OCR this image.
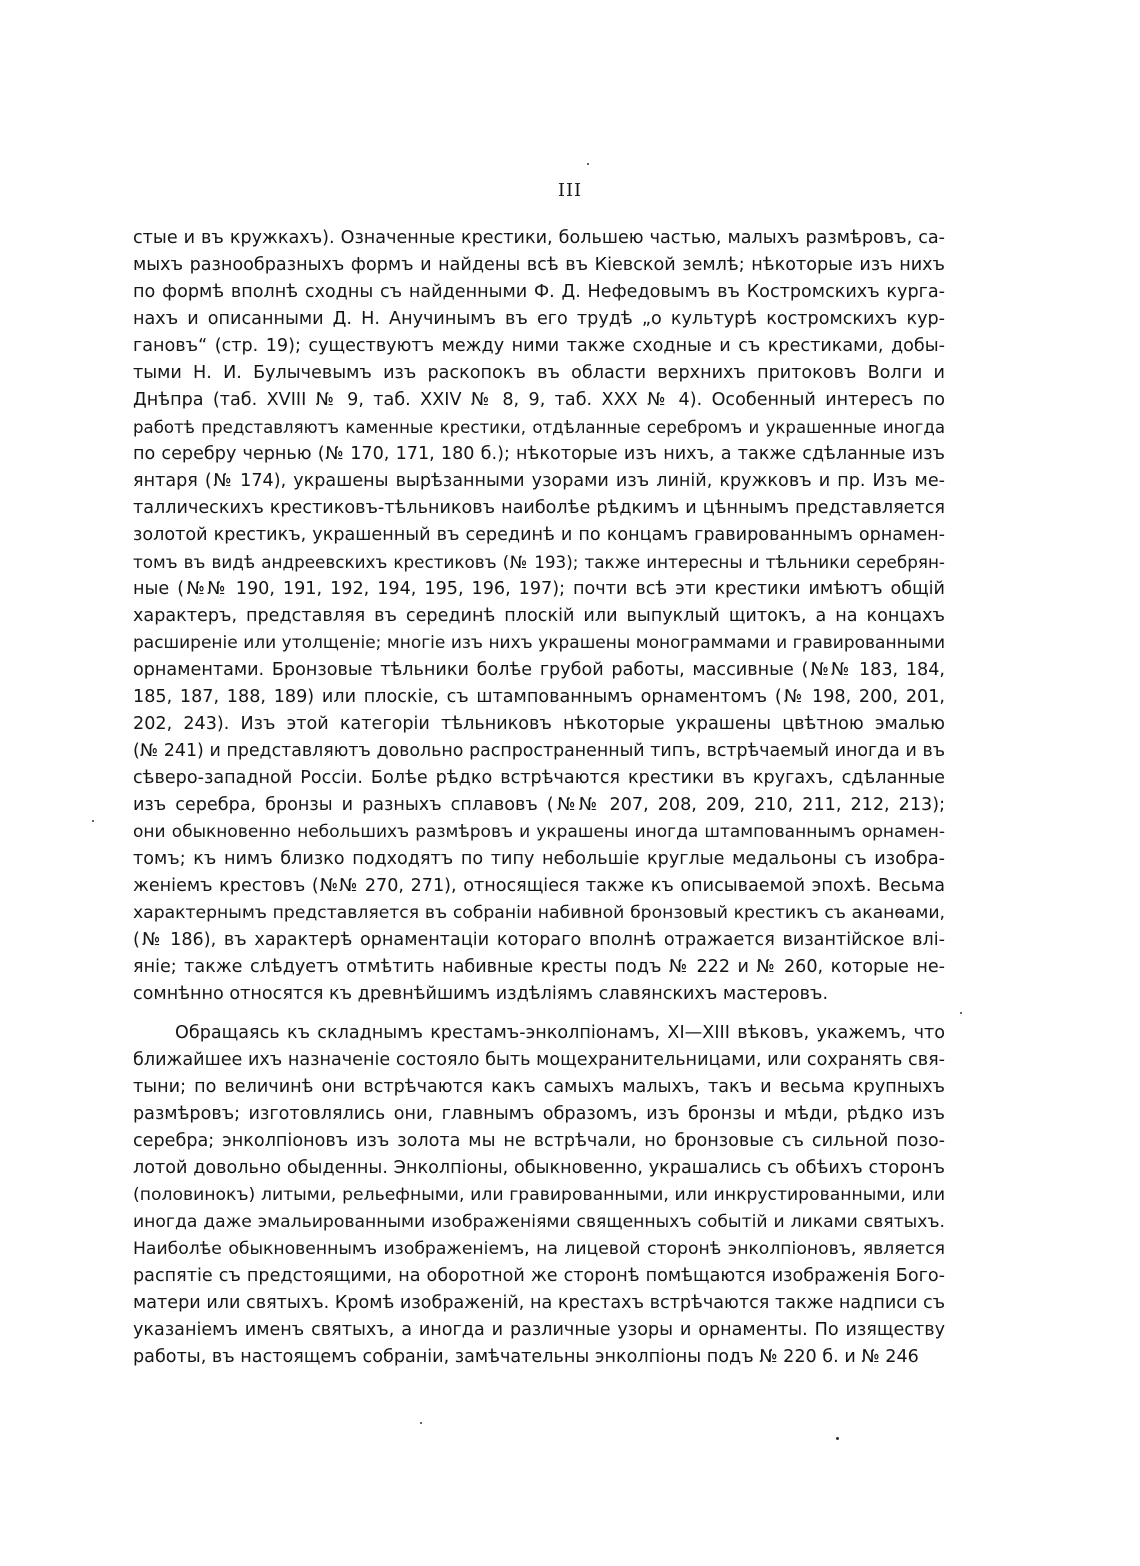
III
стые и въ кружкахъ). Означенные крестики, большею частью, малыхъ размѣровъ, са-
мыхъ разнообразныхъ формъ и найдены всѣ въ Кіевской землѣ; нѣкоторые изъ нихъ
по формѣ вполнѣ сходны съ найденными Ф. Д. Нефедовымъ въ Костромскихъ курга-
нахъ и описанными Д. Н. Анучинымъ въ его трудѣ „о культурѣ костромскихъ кур-
гановъ“ (стр. 19); существуютъ между ними также сходные и съ крестиками, добы-
тыми Н. И. Булычевымъ изъ раскопокъ въ области верхнихъ притоковъ Волги и
Днѣпра (таб. XVIII № 9, таб. XXIV № 8, 9, таб. XXX № 4). Особенный интересъ по
работѣ представляютъ каменные крестики, отдѣланные серебромъ и украшенные иногда
по серебру чернью (№ 170, 171, 180 б.); нѣкоторые изъ нихъ, а также сдѣланные изъ
янтаря (№ 174), украшены вырѣзанными узорами изъ линій, кружковъ и пр. Изъ ме-
таллическихъ крестиковъ-тѣльниковъ наиболѣе рѣдкимъ и цѣннымъ представляется
золотой крестикъ, украшенный въ серединѣ и по концамъ гравированнымъ орнамен-
томъ въ видѣ андреевскихъ крестиковъ (№ 193); также интересны и тѣльники серебрян-
ные (№№ 190, 191, 192, 194, 195, 196, 197); почти всѣ эти крестики имѣютъ общій
характеръ, представляя въ серединѣ плоскій или выпуклый щитокъ, а на концахъ
расширеніе или утолщеніе; многіе изъ нихъ украшены монограммами и гравированными
орнаментами. Бронзовые тѣльники болѣе грубой работы, массивные (№№ 183, 184,
185, 187, 188, 189) или плоскіе, съ штампованнымъ орнаментомъ (№ 198, 200, 201,
202, 243). Изъ этой категоріи тѣльниковъ нѣкоторые украшены цвѣтною эмалью
(№ 241) и представляютъ довольно распространенный типъ, встрѣчаемый иногда и въ
сѣверо-западной Россіи. Болѣе рѣдко встрѣчаются крестики въ кругахъ, сдѣланные
изъ серебра, бронзы и разныхъ сплавовъ (№№ 207, 208, 209, 210, 211, 212, 213);
они обыкновенно небольшихъ размѣровъ и украшены иногда штампованнымъ орнамен-
томъ; къ нимъ близко подходятъ по типу небольшіе круглые медальоны съ изобра-
женіемъ крестовъ (№№ 270, 271), относящіеся также къ описываемой эпохѣ. Весьма
характернымъ представляется въ собраніи набивной бронзовый крестикъ съ аканѳами,
(№ 186), въ характерѣ орнаментаціи котораго вполнѣ отражается византійское влі-
яніе; также слѣдуетъ отмѣтить набивные кресты подъ № 222 и № 260, которые не-
сомнѣнно относятся къ древнѣйшимъ издѣліямъ славянскихъ мастеровъ.
Обращаясь къ складнымъ крестамъ-энколпіонамъ, XI—XIII вѣковъ, укажемъ, что
ближайшее ихъ назначеніе состояло быть мощехранительницами, или сохранять свя-
тыни; по величинѣ они встрѣчаются какъ самыхъ малыхъ, такъ и весьма крупныхъ
размѣровъ; изготовлялись они, главнымъ образомъ, изъ бронзы и мѣди, рѣдко изъ
серебра; энколпіоновъ изъ золота мы не встрѣчали, но бронзовые съ сильной позо-
лотой довольно обыденны. Энколпіоны, обыкновенно, украшались съ обѣихъ сторонъ
(половинокъ) литыми, рельефными, или гравированными, или инкрустированными, или
иногда даже эмальированными изображеніями священныхъ событій и ликами святыхъ.
Наиболѣе обыкновеннымъ изображеніемъ, на лицевой сторонѣ энколпіоновъ, является
распятіе съ предстоящими, на оборотной же сторонѣ помѣщаются изображенія Бого-
матери или святыхъ. Кромѣ изображеній, на крестахъ встрѣчаются также надписи съ
указаніемъ именъ святыхъ, а иногда и различные узоры и орнаменты. По изяществу
работы, въ настоящемъ собраніи, замѣчательны энколпіоны подъ № 220 б. и № 246
